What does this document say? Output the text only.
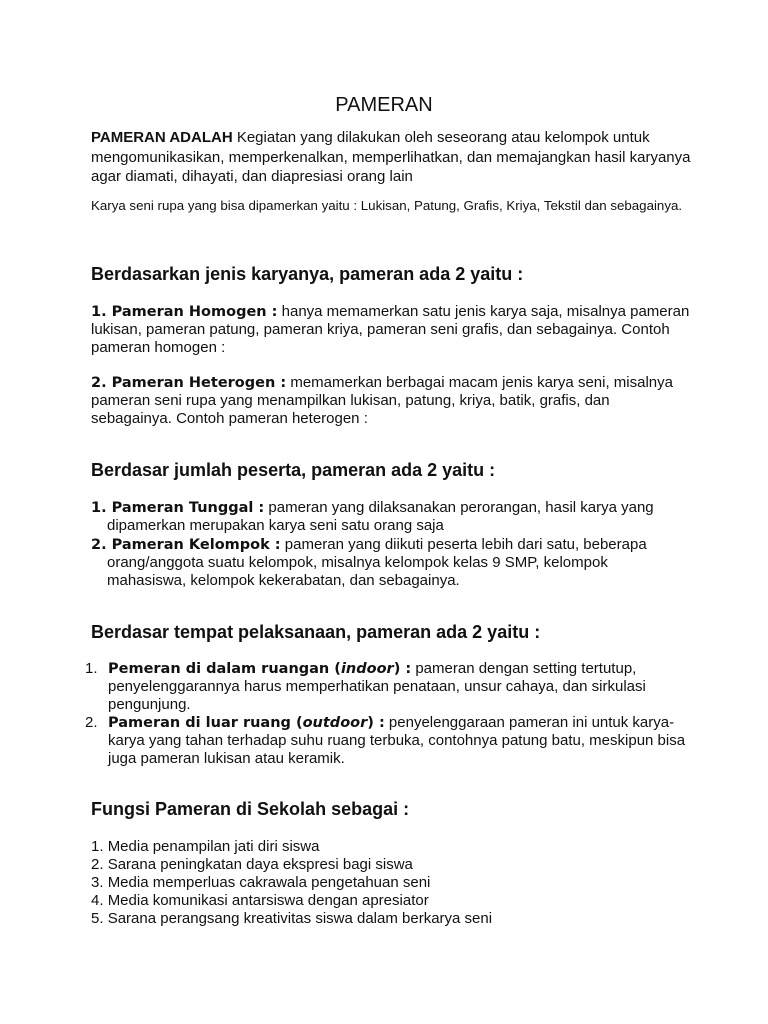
PAMERAN

PAMERAN ADALAH Kegiatan yang dilakukan oleh seseorang atau kelompok untuk mengomunikasikan, memperkenalkan, memperlihatkan, dan memajangkan hasil karyanya agar diamati, dihayati, dan diapresiasi orang lain

Karya seni rupa yang bisa dipamerkan yaitu : Lukisan, Patung, Grafis, Kriya, Tekstil dan sebagainya.

Berdasarkan jenis karyanya, pameran ada 2 yaitu :

1. Pameran Homogen : hanya memamerkan satu jenis karya saja, misalnya pameran lukisan, pameran patung, pameran kriya, pameran seni grafis, dan sebagainya. Contoh pameran homogen :

2. Pameran Heterogen : memamerkan berbagai macam jenis karya seni, misalnya pameran seni rupa yang menampilkan lukisan, patung, kriya, batik, grafis, dan sebagainya. Contoh pameran heterogen :

Berdasar jumlah peserta, pameran ada 2 yaitu :
1. Pameran Tunggal : pameran yang dilaksanakan perorangan, hasil karya yang
dipamerkan merupakan karya seni satu orang saja
2. Pameran Kelompok : pameran yang diikuti peserta lebih dari satu, beberapa
orang/anggota suatu kelompok, misalnya kelompok kelas 9 SMP, kelompok mahasiswa, kelompok kekerabatan, dan sebagainya.
Berdasar tempat pelaksanaan, pameran ada 2 yaitu :
1. Pemeran di dalam ruangan (indoor) : pameran dengan setting tertutup, penyelenggarannya harus memperhatikan penataan, unsur cahaya, dan sirkulasi pengunjung.
2. Pameran di luar ruang (outdoor) : penyelenggaraan pameran ini untuk karya-karya yang tahan terhadap suhu ruang terbuka, contohnya patung batu, meskipun bisa juga pameran lukisan atau keramik.
Fungsi Pameran di Sekolah sebagai :
1. Media penampilan jati diri siswa
2. Sarana peningkatan daya ekspresi bagi siswa
3. Media memperluas cakrawala pengetahuan seni
4. Media komunikasi antarsiswa dengan apresiator
5. Sarana perangsang kreativitas siswa dalam berkarya seni
